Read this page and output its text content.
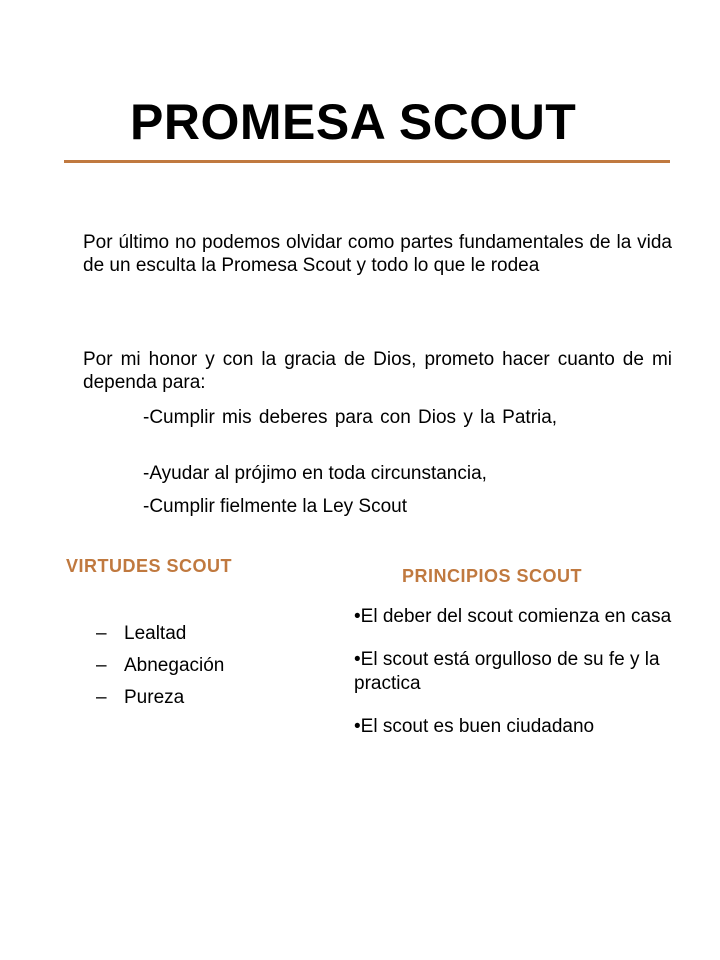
PROMESA SCOUT

Por último no podemos olvidar como partes fundamentales de la vida de un esculta la Promesa Scout y todo lo que le rodea

Por mi honor y con la gracia de Dios, prometo hacer cuanto de mi dependa para:

-Cumplir mis deberes para con Dios y la Patria,

-Ayudar al prójimo en toda circunstancia,

-Cumplir fielmente la Ley Scout

VIRTUDES SCOUT
– Lealtad
– Abnegación
– Pureza
PRINCIPIOS SCOUT
•El deber del scout comienza en casa
•El scout está orgulloso de su fe y la practica
•El scout es buen ciudadano
